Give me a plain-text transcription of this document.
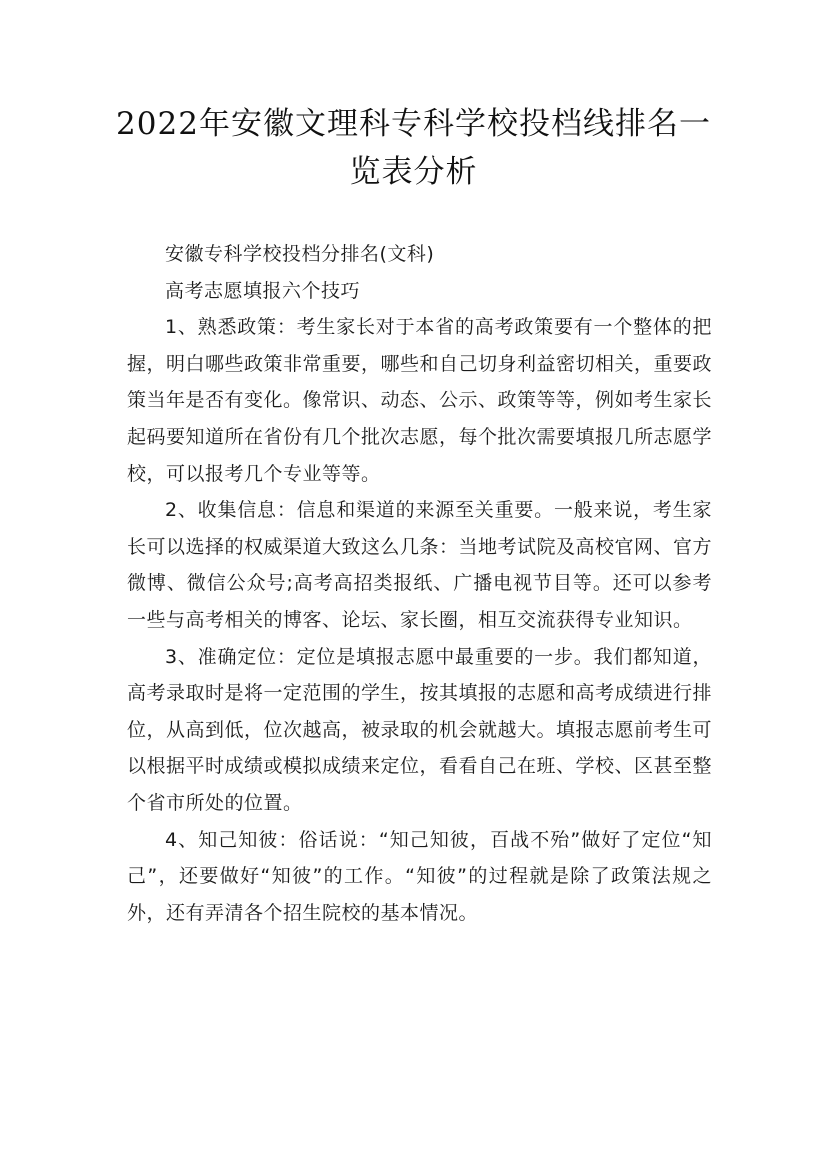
2022年安徽文理科专科学校投档线排名一览表分析

安徽专科学校投档分排名(文科)

高考志愿填报六个技巧

1、熟悉政策：考生家长对于本省的高考政策要有一个整体的把握，明白哪些政策非常重要，哪些和自己切身利益密切相关，重要政策当年是否有变化。像常识、动态、公示、政策等等，例如考生家长起码要知道所在省份有几个批次志愿，每个批次需要填报几所志愿学校，可以报考几个专业等等。

2、收集信息：信息和渠道的来源至关重要。一般来说，考生家长可以选择的权威渠道大致这么几条：当地考试院及高校官网、官方微博、微信公众号;高考高招类报纸、广播电视节目等。还可以参考一些与高考相关的博客、论坛、家长圈，相互交流获得专业知识。

3、准确定位：定位是填报志愿中最重要的一步。我们都知道，高考录取时是将一定范围的学生，按其填报的志愿和高考成绩进行排位，从高到低，位次越高，被录取的机会就越大。填报志愿前考生可以根据平时成绩或模拟成绩来定位，看看自己在班、学校、区甚至整个省市所处的位置。

4、知己知彼：俗话说：“知己知彼，百战不殆”做好了定位“知己”，还要做好“知彼”的工作。“知彼”的过程就是除了政策法规之外，还有弄清各个招生院校的基本情况。
